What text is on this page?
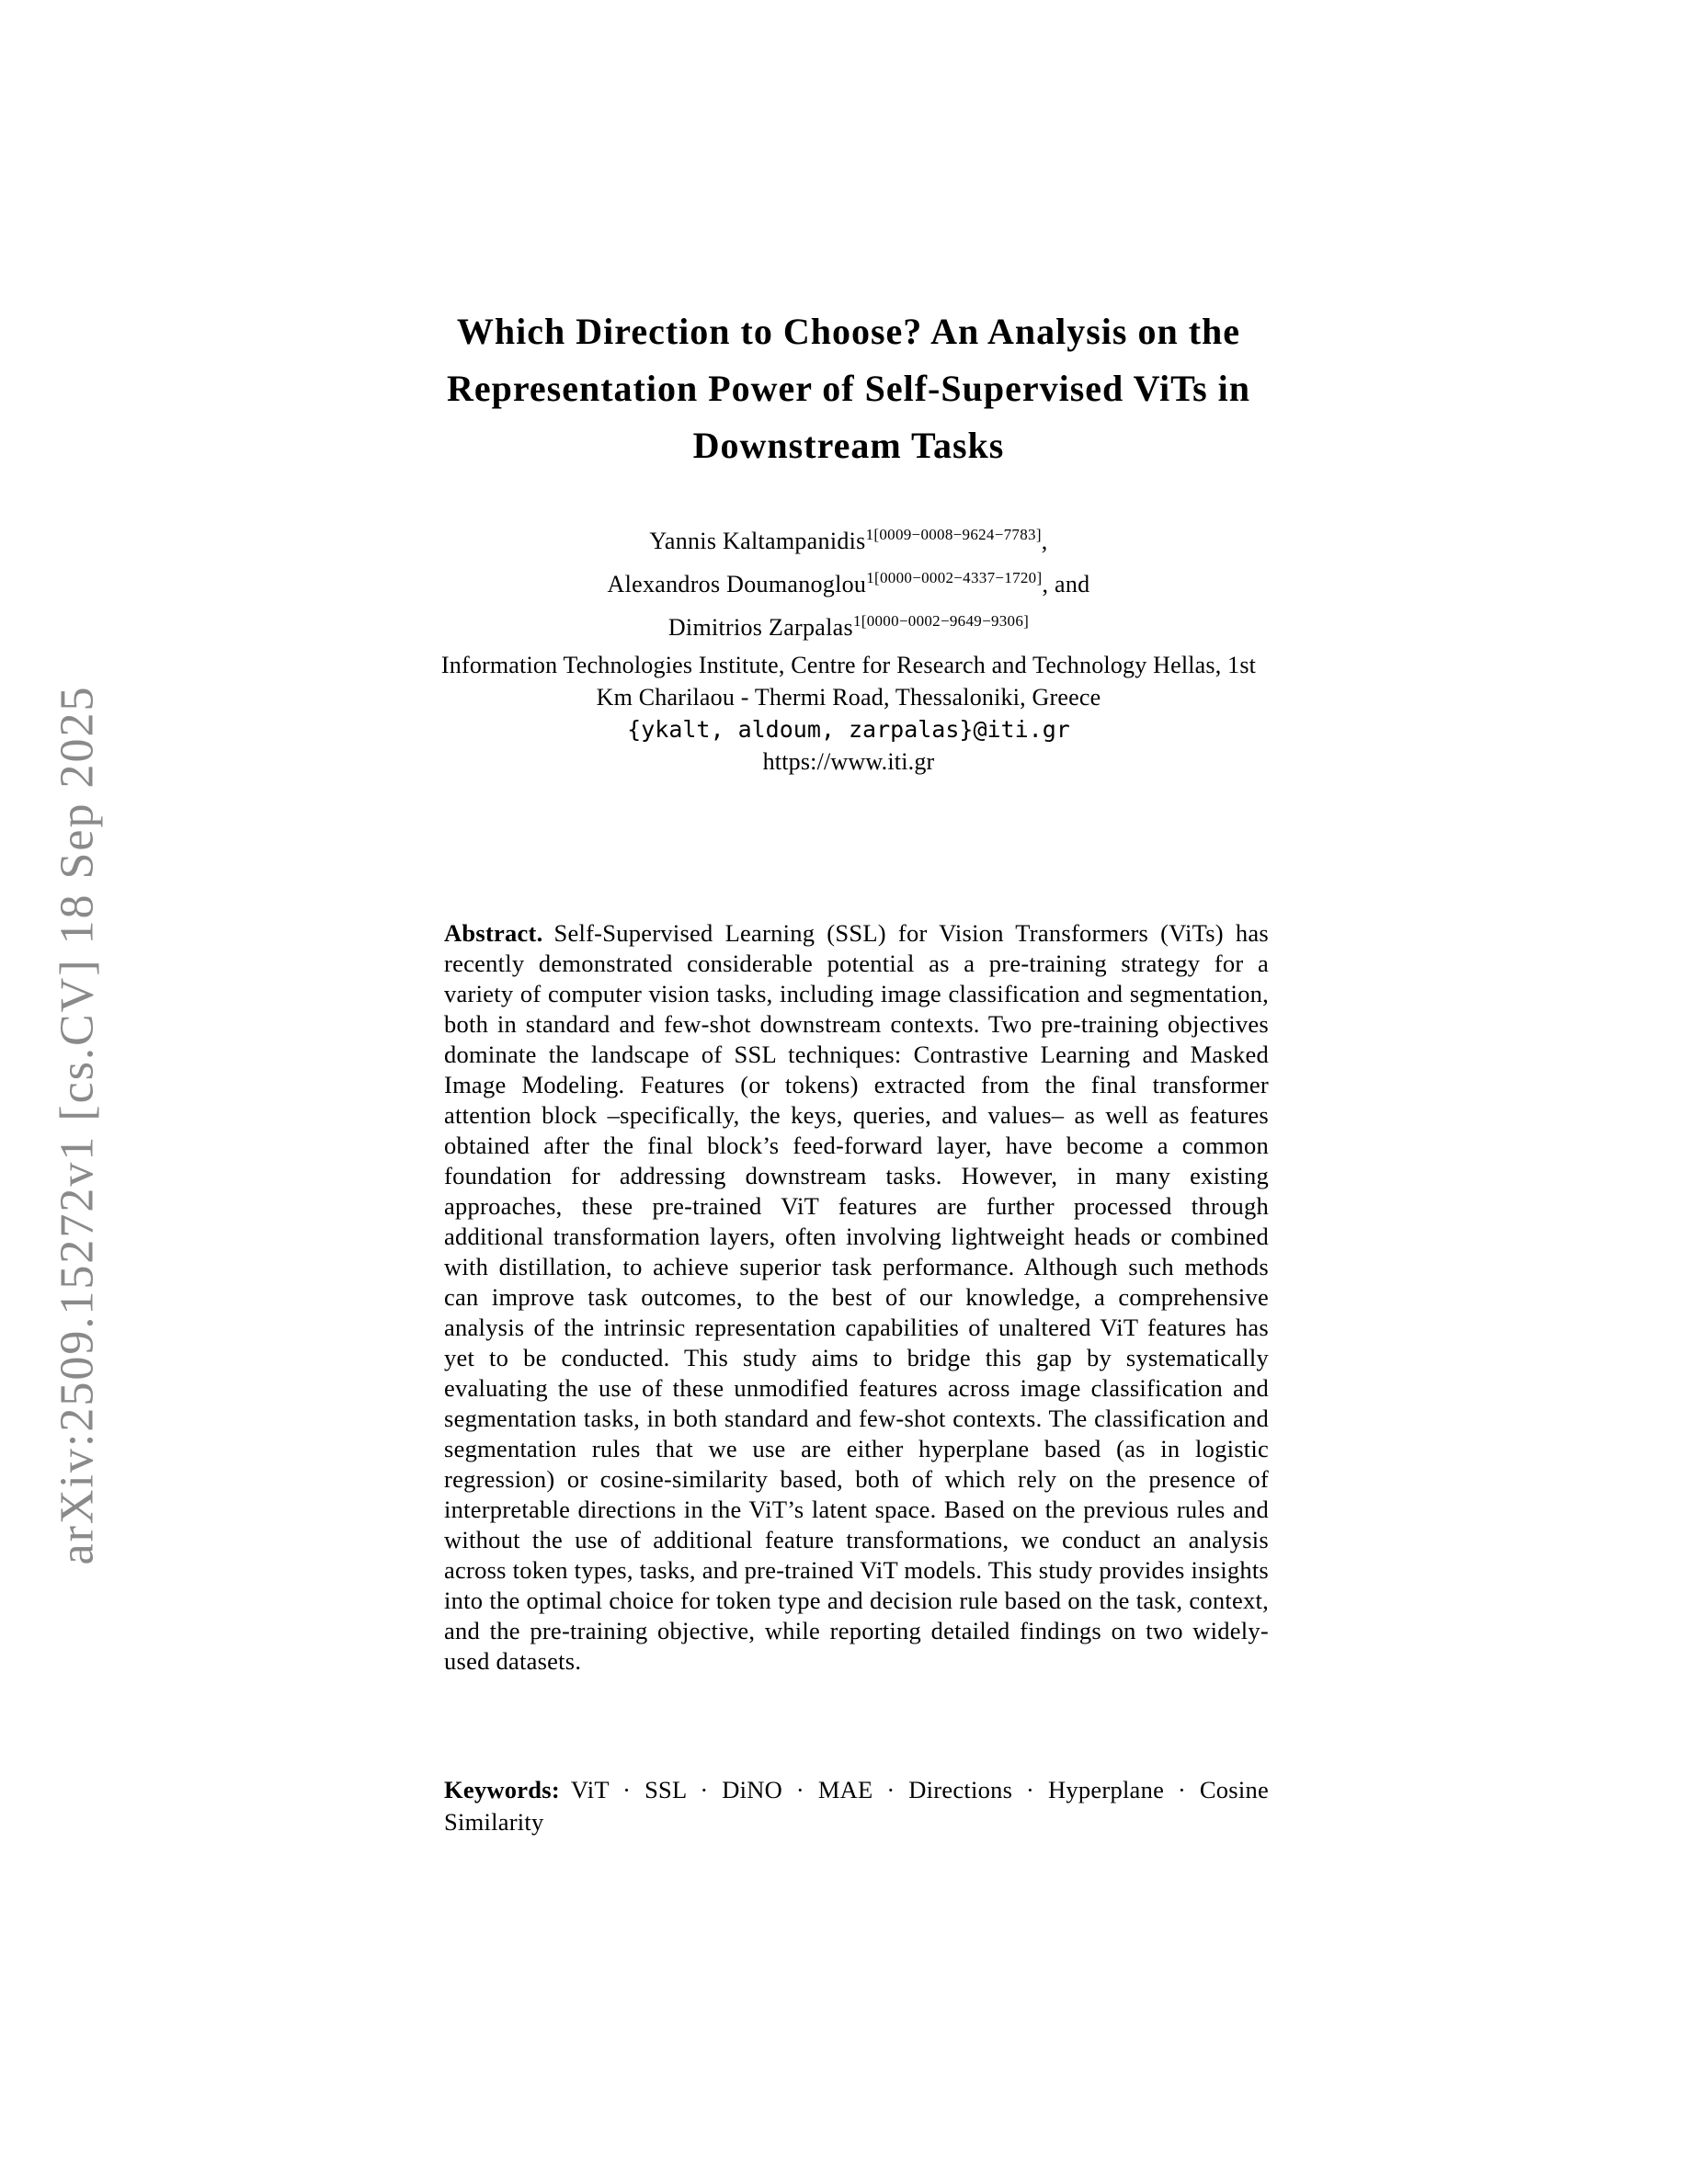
arXiv:2509.15272v1 [cs.CV] 18 Sep 2025
Which Direction to Choose? An Analysis on the Representation Power of Self-Supervised ViTs in Downstream Tasks
Yannis Kaltampanidis$^{1[0009-0008-9624-7783]}$,
Alexandros Doumanoglou$^{1[0000-0002-4337-1720]}$, and
Dimitrios Zarpalas$^{1[0000-0002-9649-9306]}$
Information Technologies Institute, Centre for Research and Technology Hellas, 1st
Km Charilaou - Thermi Road, Thessaloniki, Greece
{ykalt, aldoum, zarpalas}@iti.gr
https://www.iti.gr

Abstract. Self-Supervised Learning (SSL) for Vision Transformers (ViTs) has recently demonstrated considerable potential as a pre-training strategy for a variety of computer vision tasks, including image classification and segmentation, both in standard and few-shot downstream contexts. Two pre-training objectives dominate the landscape of SSL techniques: Contrastive Learning and Masked Image Modeling. Features (or tokens) extracted from the final transformer attention block –specifically, the keys, queries, and values– as well as features obtained after the final block’s feed-forward layer, have become a common foundation for addressing downstream tasks. However, in many existing approaches, these pre-trained ViT features are further processed through additional transformation layers, often involving lightweight heads or combined with distillation, to achieve superior task performance. Although such methods can improve task outcomes, to the best of our knowledge, a comprehensive analysis of the intrinsic representation capabilities of unaltered ViT features has yet to be conducted. This study aims to bridge this gap by systematically evaluating the use of these unmodified features across image classification and segmentation tasks, in both standard and few-shot contexts. The classification and segmentation rules that we use are either hyperplane based (as in logistic regression) or cosine-similarity based, both of which rely on the presence of interpretable directions in the ViT’s latent space. Based on the previous rules and without the use of additional feature transformations, we conduct an analysis across token types, tasks, and pre-trained ViT models. This study provides insights into the optimal choice for token type and decision rule based on the task, context, and the pre-training objective, while reporting detailed findings on two widely-used datasets.

Keywords: ViT · SSL · DiNO · MAE · Directions · Hyperplane · Cosine Similarity
